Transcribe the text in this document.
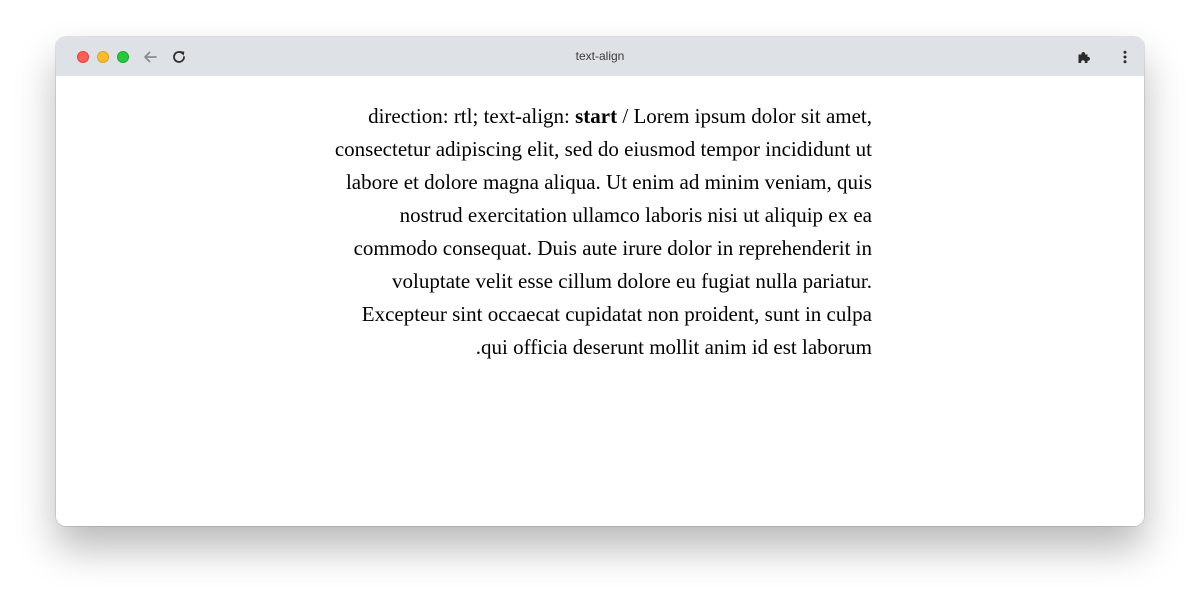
text-align

direction: rtl; text-align: start / Lorem ipsum dolor sit amet, consectetur adipiscing elit, sed do eiusmod tempor incididunt ut labore et dolore magna aliqua. Ut enim ad minim veniam, quis nostrud exercitation ullamco laboris nisi ut aliquip ex ea commodo consequat. Duis aute irure dolor in reprehenderit in voluptate velit esse cillum dolore eu fugiat nulla pariatur. Excepteur sint occaecat cupidatat non proident, sunt in culpa qui officia deserunt mollit anim id est laborum.
